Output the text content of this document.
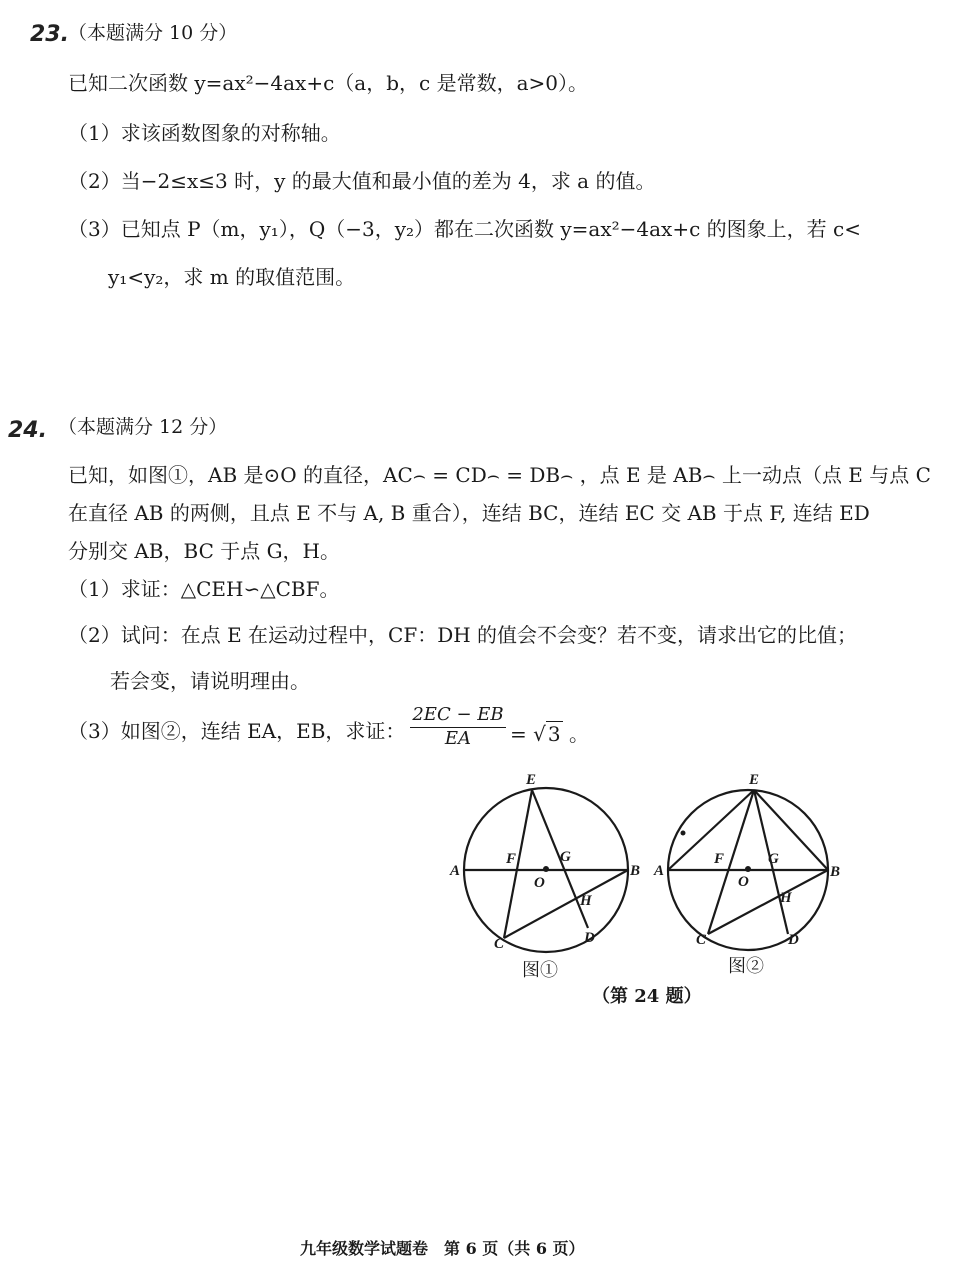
23. （本题满分 10 分）
已知二次函数 y=ax²−4ax+c（a，b，c 是常数，a>0）。
（1）求该函数图象的对称轴。
（2）当−2≤x≤3 时，y 的最大值和最小值的差为 4，求 a 的值。
（3）已知点 P（m，y₁），Q（−3，y₂）都在二次函数 y=ax²−4ax+c 的图象上，若 c<
y₁<y₂，求 m 的取值范围。
24. （本题满分 12 分）
已知，如图①，AB 是⊙O 的直径，AC⌢ = CD⌢ = DB⌢ ，点 E 是 AB⌢ 上一动点（点 E 与点 C
在直径 AB 的两侧，且点 E 不与 A, B 重合），连结 BC，连结 EC 交 AB 于点 F, 连结 ED
分别交 AB，BC 于点 G，H。
（1）求证：△CEH∽△CBF。
（2）试问：在点 E 在运动过程中，CF：DH 的值会不会变？若不变，请求出它的比值；
若会变，请说明理由。
（3）如图②，连结 EA，EB，求证：
2EC − EB
EA	= √ 3 。
E
A	B
F	G
O
H
C	D
图①
E
A	B
F	G
O
H
C	D
图②
（第 24 题）
九年级数学试题卷　第 6 页（共 6 页）
